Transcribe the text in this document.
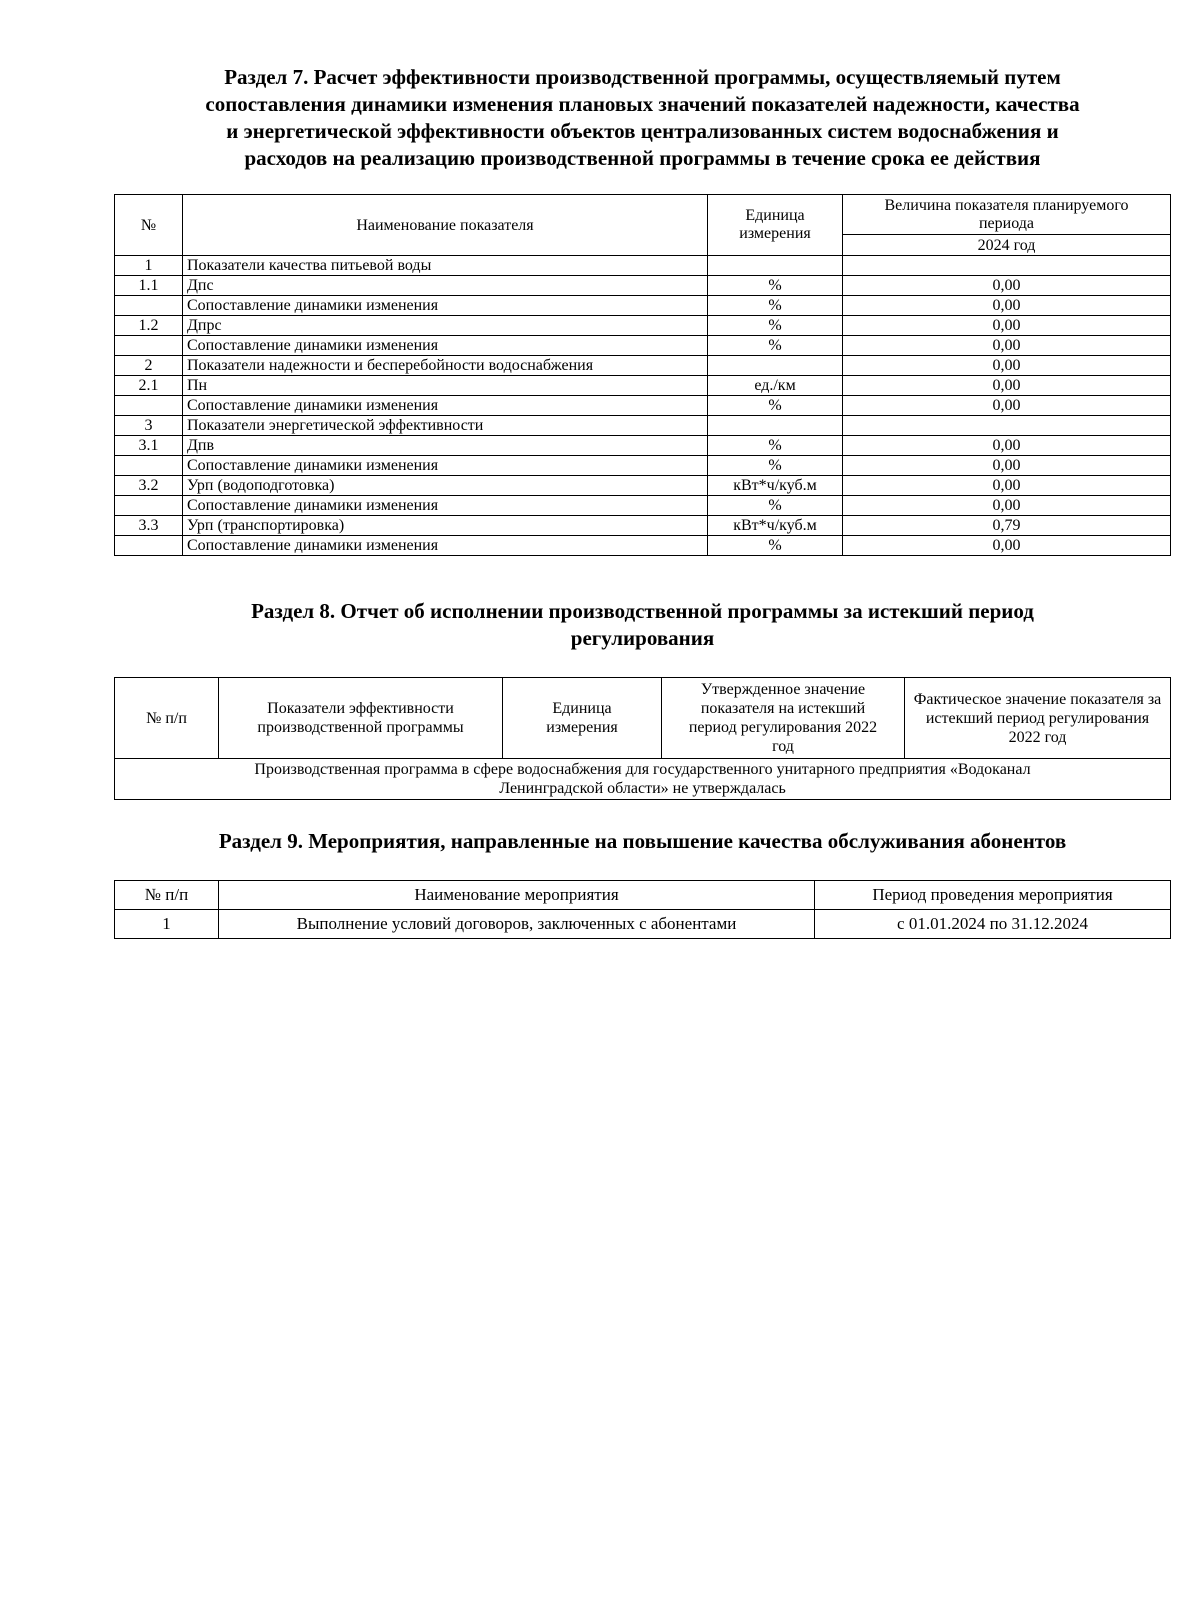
Раздел 7. Расчет эффективности производственной программы, осуществляемый путем
сопоставления динамики изменения плановых значений показателей надежности, качества
и энергетической эффективности объектов централизованных систем водоснабжения и
расходов на реализацию производственной программы в течение срока ее действия
№	Наименование показателя	Единица измерения	Величина показателя планируемого периода
			2024 год
1	Показатели качества питьевой воды		
1.1	Дпс	%	0,00
	Сопоставление динамики изменения	%	0,00
1.2	Дпрс	%	0,00
	Сопоставление динамики изменения	%	0,00
2	Показатели надежности и бесперебойности водоснабжения		0,00
2.1	Пн	ед./км	0,00
	Сопоставление динамики изменения	%	0,00
3	Показатели энергетической эффективности		
3.1	Дпв	%	0,00
	Сопоставление динамики изменения	%	0,00
3.2	Урп (водоподготовка)	кВт*ч/куб.м	0,00
	Сопоставление динамики изменения	%	0,00
3.3	Урп (транспортировка)	кВт*ч/куб.м	0,79
	Сопоставление динамики изменения	%	0,00
Раздел 8. Отчет об исполнении производственной программы за истекший период
регулирования
№ п/п	Показатели эффективности производственной программы	Единица измерения	Утвержденное значение показателя на истекший период регулирования 2022 год	Фактическое значение показателя за истекший период регулирования 2022 год
Производственная программа в сфере водоснабжения для государственного унитарного предприятия «Водоканал Ленинградской области» не утверждалась
Раздел 9. Мероприятия, направленные на повышение качества обслуживания абонентов
№ п/п	Наименование мероприятия	Период проведения мероприятия
1	Выполнение условий договоров, заключенных с абонентами	с 01.01.2024 по 31.12.2024
